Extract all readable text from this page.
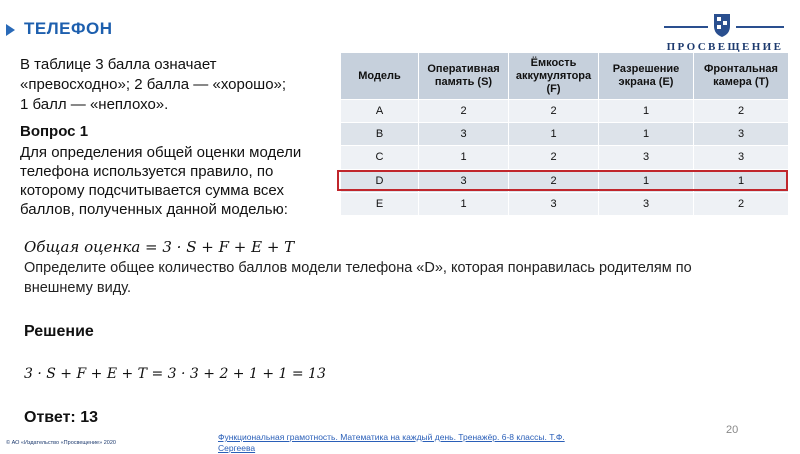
ТЕЛЕФОН
ПРОСВЕЩЕНИЕ
В таблице 3 балла означает
«превосходно»; 2 балла — «хорошо»;
1 балл — «неплохо».
Вопрос 1
Для определения общей оценки модели
телефона используется правило, по
которому подсчитывается сумма всех
баллов, полученных данной моделью:
Модель	Оперативная память (S)	Ёмкость аккумулятора (F)	Разрешение экрана (E)	Фронтальная камера (T)
A	2	2	1	2
B	3	1	1	3
C	1	2	3	3
D	3	2	1	1
E	1	3	3	2
Общая оценка = 3 · S + F + E + T
Определите общее количество баллов модели телефона «D», которая понравилась родителям по
внешнему виду.
Решение
3 · S + F + E + T = 3 · 3 + 2 + 1 + 1 = 13
Ответ: 13
20
© АО «Издательство «Просвещение» 2020
Функциональная грамотность. Математика на каждый день. Тренажёр. 6-8 классы. Т.Ф.
Сергеева
